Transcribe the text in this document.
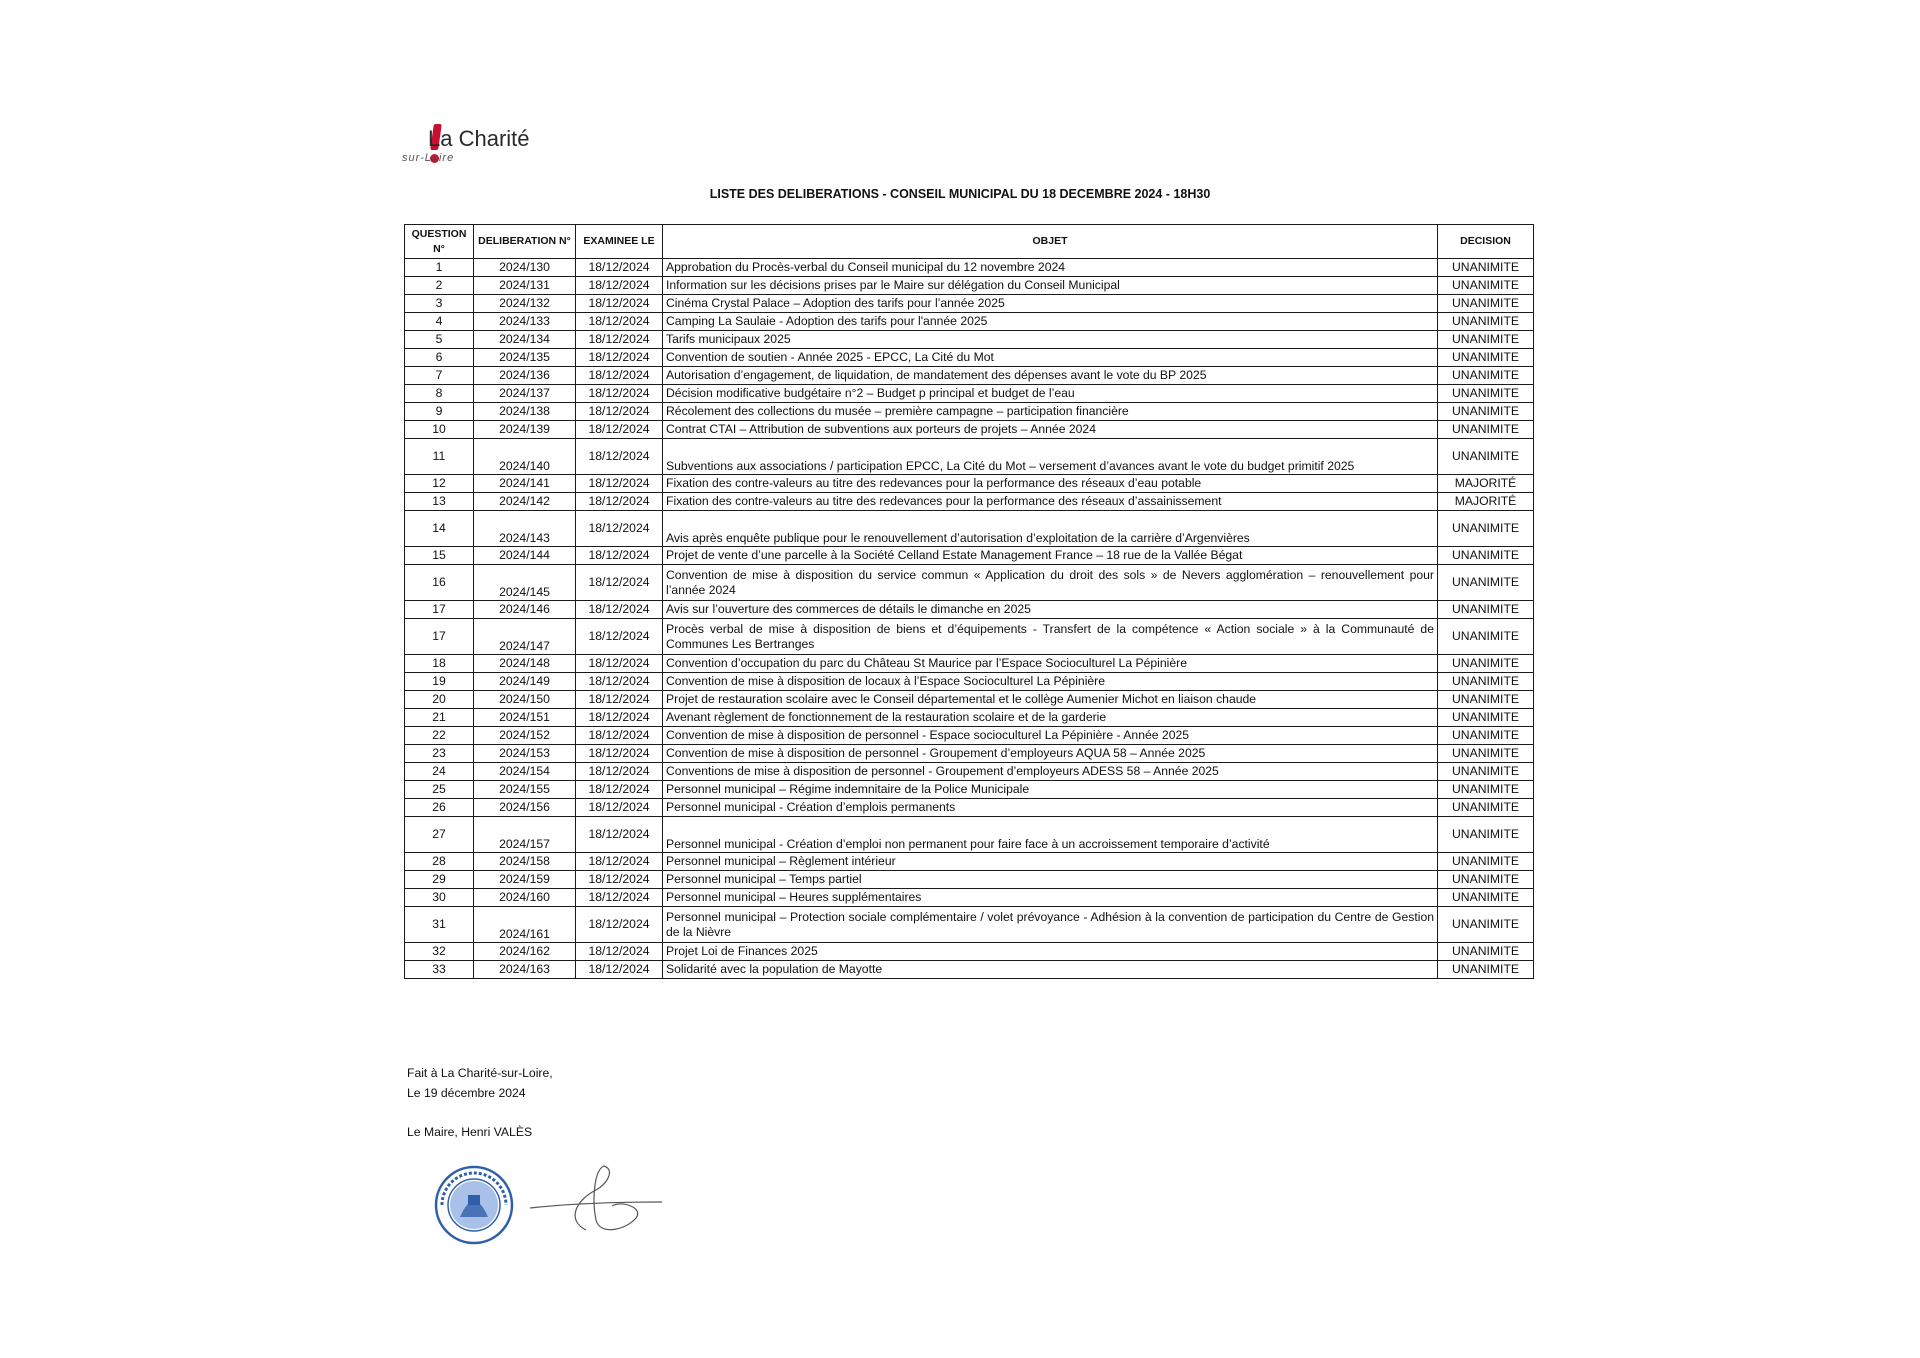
La Charité
sur-Loire
LISTE DES DELIBERATIONS - CONSEIL MUNICIPAL DU 18 DECEMBRE 2024 - 18H30
QUESTION N°	DELIBERATION N°	EXAMINEE LE	OBJET	DECISION
1	2024/130	18/12/2024	Approbation du Procès-verbal du Conseil municipal du 12 novembre 2024	UNANIMITE
2	2024/131	18/12/2024	Information sur les décisions prises par le Maire sur délégation du Conseil Municipal	UNANIMITE
3	2024/132	18/12/2024	Cinéma Crystal Palace – Adoption des tarifs pour l’année 2025	UNANIMITE
4	2024/133	18/12/2024	Camping La Saulaie - Adoption des tarifs pour l'année 2025	UNANIMITE
5	2024/134	18/12/2024	Tarifs municipaux 2025	UNANIMITE
6	2024/135	18/12/2024	Convention de soutien - Année 2025 - EPCC, La Cité du Mot	UNANIMITE
7	2024/136	18/12/2024	Autorisation d’engagement, de liquidation, de mandatement des dépenses avant le vote du BP 2025	UNANIMITE
8	2024/137	18/12/2024	Décision modificative budgétaire n°2 – Budget p principal et budget de l’eau	UNANIMITE
9	2024/138	18/12/2024	Récolement des collections du musée – première campagne – participation financière	UNANIMITE
10	2024/139	18/12/2024	Contrat CTAI – Attribution de subventions aux porteurs de projets – Année 2024	UNANIMITE
11	2024/140	18/12/2024	Subventions aux associations / participation EPCC, La Cité du Mot – versement d’avances avant le vote du budget primitif 2025	UNANIMITE
12	2024/141	18/12/2024	Fixation des contre-valeurs au titre des redevances pour la performance des réseaux d’eau potable	MAJORITÉ
13	2024/142	18/12/2024	Fixation des contre-valeurs au titre des redevances pour la performance des réseaux d’assainissement	MAJORITÉ
14	2024/143	18/12/2024	Avis après enquête publique pour le renouvellement d’autorisation d’exploitation de la carrière d’Argenvières	UNANIMITE
15	2024/144	18/12/2024	Projet de vente d’une parcelle à la Société Celland Estate Management France – 18 rue de la Vallée Bégat	UNANIMITE
16	2024/145	18/12/2024	Convention de mise à disposition du service commun « Application du droit des sols » de Nevers agglomération – renouvellement pour l’année 2024	UNANIMITE
17	2024/146	18/12/2024	Avis sur l’ouverture des commerces de détails le dimanche en 2025	UNANIMITE
17	2024/147	18/12/2024	Procès verbal de mise à disposition de biens et d’équipements - Transfert de la compétence « Action sociale » à la Communauté de Communes Les Bertranges	UNANIMITE
18	2024/148	18/12/2024	Convention d’occupation du parc du Château St Maurice par l’Espace Socioculturel La Pépinière	UNANIMITE
19	2024/149	18/12/2024	Convention de mise à disposition de locaux à l’Espace Socioculturel La Pépinière	UNANIMITE
20	2024/150	18/12/2024	Projet de restauration scolaire avec le Conseil départemental et le collège Aumenier Michot en liaison chaude	UNANIMITE
21	2024/151	18/12/2024	Avenant règlement de fonctionnement de la restauration scolaire et de la garderie	UNANIMITE
22	2024/152	18/12/2024	Convention de mise à disposition de personnel - Espace socioculturel La Pépinière - Année 2025	UNANIMITE
23	2024/153	18/12/2024	Convention de mise à disposition de personnel - Groupement d’employeurs AQUA 58 – Année 2025	UNANIMITE
24	2024/154	18/12/2024	Conventions de mise à disposition de personnel - Groupement d’employeurs ADESS 58 – Année 2025	UNANIMITE
25	2024/155	18/12/2024	Personnel municipal – Régime indemnitaire de la Police Municipale	UNANIMITE
26	2024/156	18/12/2024	Personnel municipal - Création d’emplois permanents	UNANIMITE
27	2024/157	18/12/2024	Personnel municipal - Création d’emploi non permanent pour faire face à un accroissement temporaire d’activité	UNANIMITE
28	2024/158	18/12/2024	Personnel municipal – Règlement intérieur	UNANIMITE
29	2024/159	18/12/2024	Personnel municipal – Temps partiel	UNANIMITE
30	2024/160	18/12/2024	Personnel municipal – Heures supplémentaires	UNANIMITE
31	2024/161	18/12/2024	Personnel municipal – Protection sociale complémentaire / volet prévoyance - Adhésion à la convention de participation du Centre de Gestion de la Nièvre	UNANIMITE
32	2024/162	18/12/2024	Projet Loi de Finances 2025	UNANIMITE
33	2024/163	18/12/2024	Solidarité avec la population de Mayotte	UNANIMITE
Fait à La Charité-sur-Loire,
Le 19 décembre 2024
Le Maire, Henri VALÈS
